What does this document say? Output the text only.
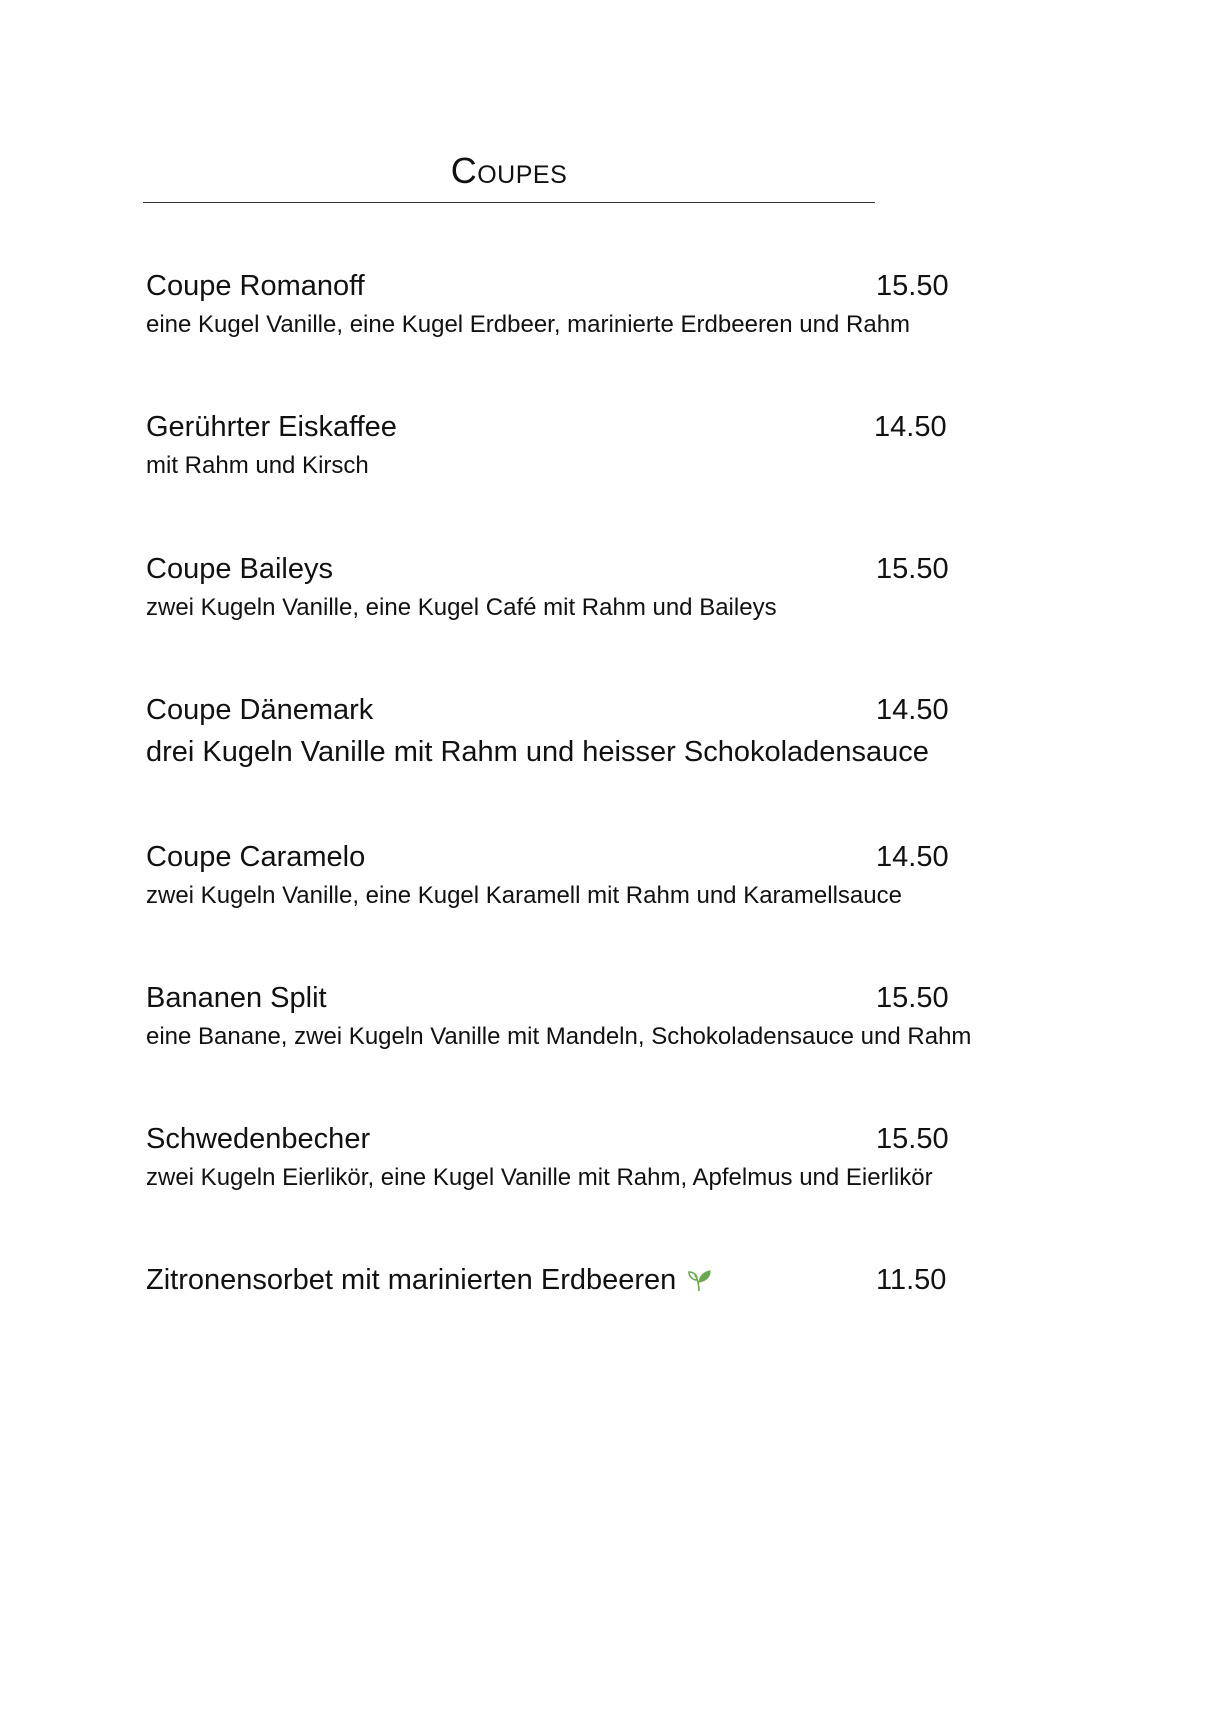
Coupes
Coupe Romanoff	15.50
eine Kugel Vanille, eine Kugel Erdbeer, marinierte Erdbeeren und Rahm
Gerührter Eiskaffee	14.50
mit Rahm und Kirsch
Coupe Baileys	15.50
zwei Kugeln Vanille, eine Kugel Café mit Rahm und Baileys
Coupe Dänemark	14.50
drei Kugeln Vanille mit Rahm und heisser Schokoladensauce
Coupe Caramelo	14.50
zwei Kugeln Vanille, eine Kugel Karamell mit Rahm und Karamellsauce
Bananen Split	15.50
eine Banane, zwei Kugeln Vanille mit Mandeln, Schokoladensauce und Rahm
Schwedenbecher	15.50
zwei Kugeln Eierlikör, eine Kugel Vanille mit Rahm, Apfelmus und Eierlikör
Zitronensorbet mit marinierten Erdbeeren	11.50
